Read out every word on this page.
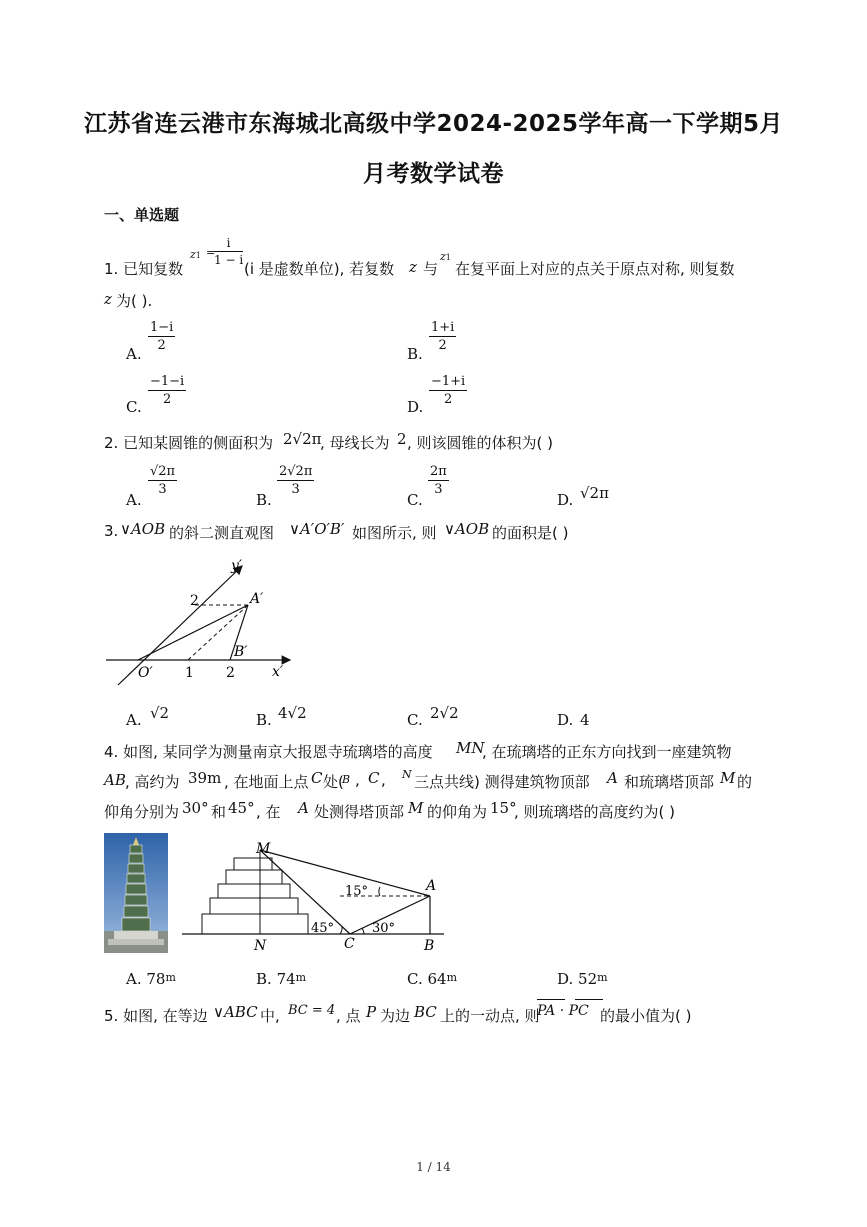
江苏省连云港市东海城北高级中学2024-2025学年高一下学期5月
月考数学试卷
一、单选题
1. 已知复数
z1 =
i
1 − i (i 是虚数单位), 若复数 z 与
z1
在复平面上对应的点关于原点对称, 则复数
z 为( ).
A.
1−i
2	B.
1+i
2
C.
−1−i
2	D.
−1+i
2
2. 已知某圆锥的侧面积为 2√2π
, 母线长为 2 , 则该圆锥的体积为( )
A.
√2π
3
B.
2√2π
3
C.
2π
3
D. √2π
3. ∨AOB 的斜二测直观图 ∨A′O′B′ 如图所示, 则 ∨AOB 的面积是( )
y′
x′
O′
A′
B′
2
1 2
A. √2	B. 4√2	C. 2√2	D. 4
4. 如图, 某同学为测量南京大报恩寺琉璃塔的高度 MN
, 在琉璃塔的正东方向找到一座建筑物
AB , 高约为 39m , 在地面上点 C 处(
B , C , N 三点共线) 测得建筑物顶部 A 和琉璃塔顶部 M 的
仰角分别为 30° 和 45° , 在 A 处测得塔顶部 M 的仰角为 15°
, 则琉璃塔的高度约为( )
M
A
N	C	B
15°
45°	30°
A. 78$^m$	B. 74$^m$	C. 64$^m$	D. 52$^m$
5. 如图, 在等边 ∨ABC 中, BC = 4 , 点 P 为边 BC 上的一动点, 则
PA · PC 的最小值为( )
1 / 14
